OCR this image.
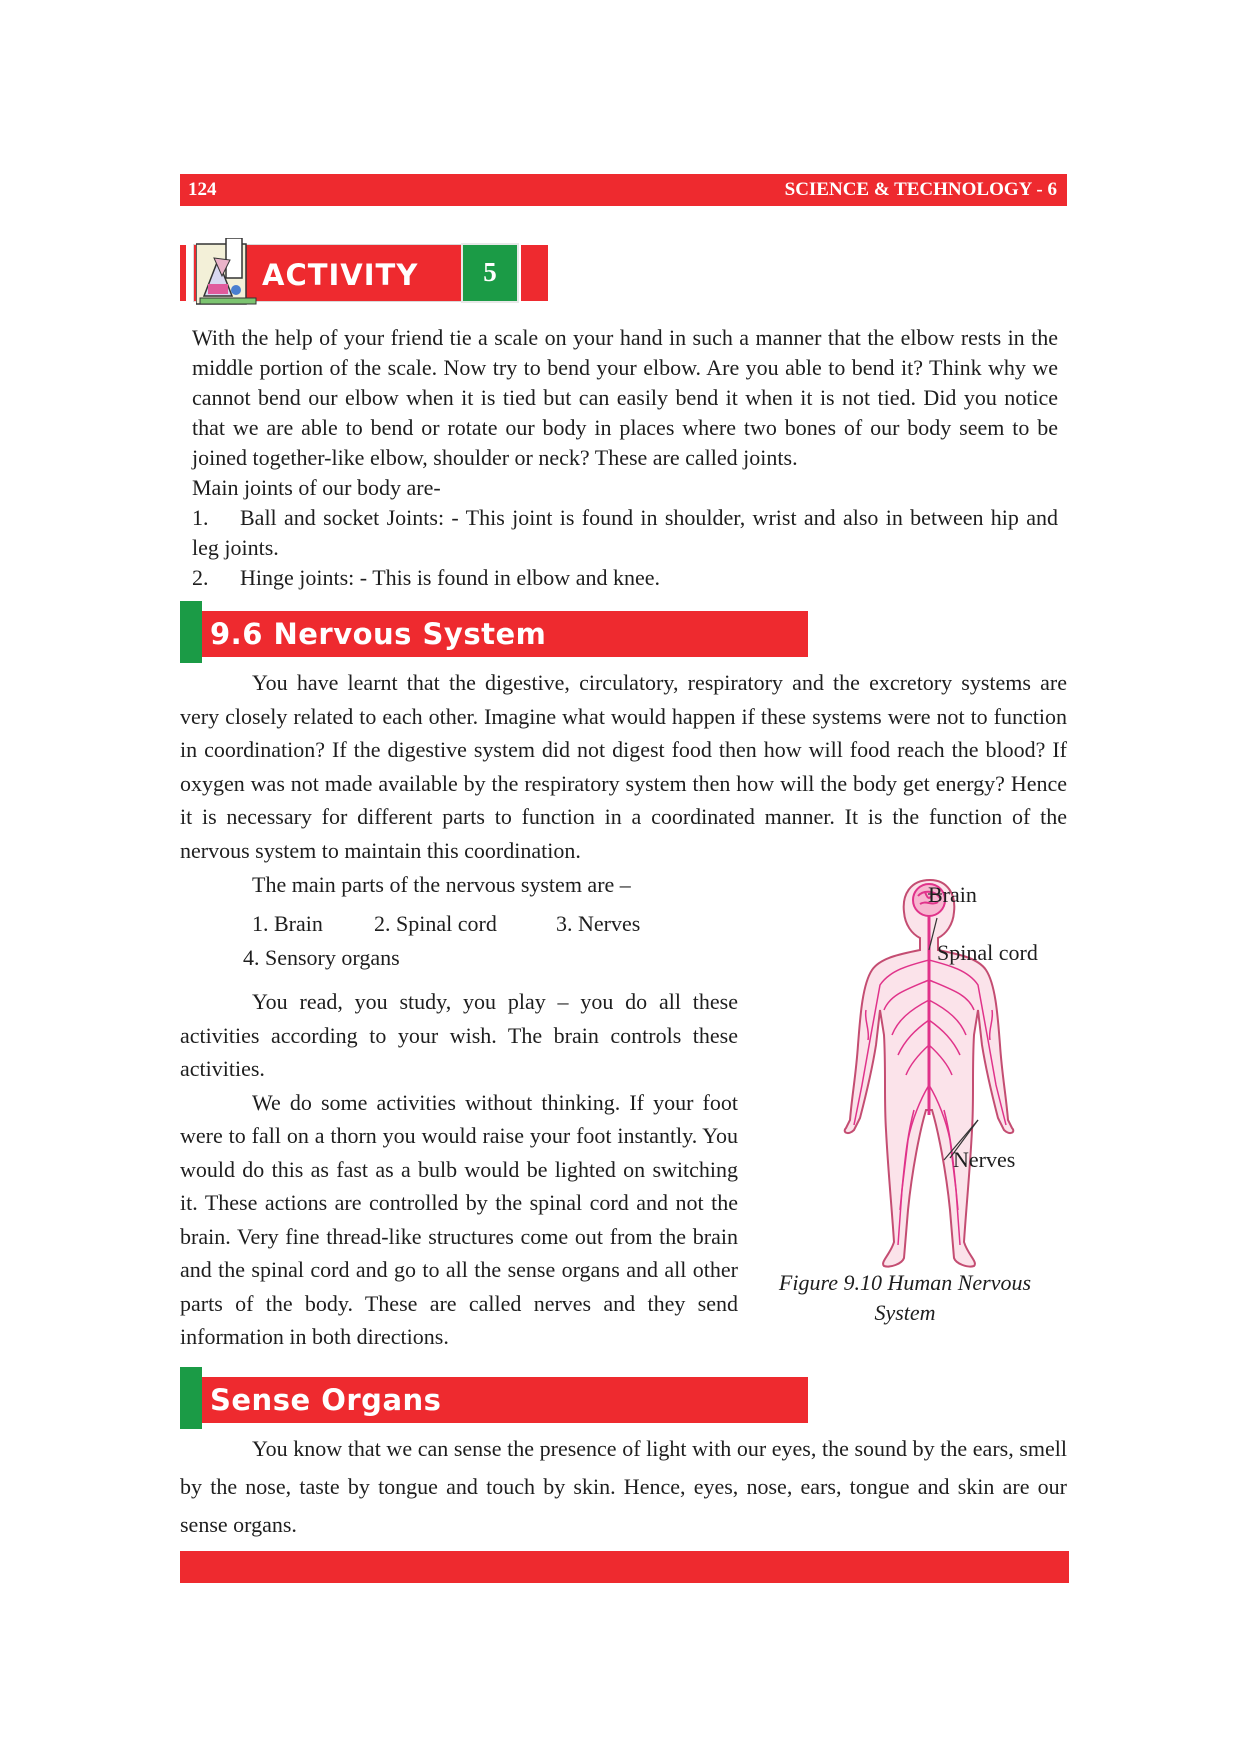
124	SCIENCE & TECHNOLOGY - 6
ACTIVITY	5
With the help of your friend tie a scale on your hand in such a manner that the elbow rests in the middle portion of the scale. Now try to bend your elbow. Are you able to bend it? Think why we cannot bend our elbow when it is tied but can easily bend it when it is not tied. Did you notice that we are able to bend or rotate our body in places where two bones of our body seem to be joined together-like elbow, shoulder or neck? These are called joints.
Main joints of our body are-
1. Ball and socket Joints: - This joint is found in shoulder, wrist and also in between hip and leg joints.
2. Hinge joints: - This is found in elbow and knee.
9.6 Nervous System
You have learnt that the digestive, circulatory, respiratory and the excretory systems are very closely related to each other. Imagine what would happen if these systems were not to function in coordination? If the digestive system did not digest food then how will food reach the blood? If oxygen was not made available by the respiratory system then how will the body get energy? Hence it is necessary for different parts to function in a coordinated manner. It is the function of the nervous system to maintain this coordination.
The main parts of the nervous system are –
1. Brain 2. Spinal cord	3. Nerves
4. Sensory organs
You read, you study, you play – you do all these activities according to your wish. The brain controls these activities.
We do some activities without thinking. If your foot were to fall on a thorn you would raise your foot instantly. You would do this as fast as a bulb would be lighted on switching it. These actions are controlled by the spinal cord and not the brain. Very fine thread-like structures come out from the brain and the spinal cord and go to all the sense organs and all other parts of the body. These are called nerves and they send information in both directions.
Brain
Spinal cord
Nerves
Figure 9.10 Human Nervous
System
Sense Organs
You know that we can sense the presence of light with our eyes, the sound by the ears, smell by the nose, taste by tongue and touch by skin. Hence, eyes, nose, ears, tongue and skin are our sense organs.
